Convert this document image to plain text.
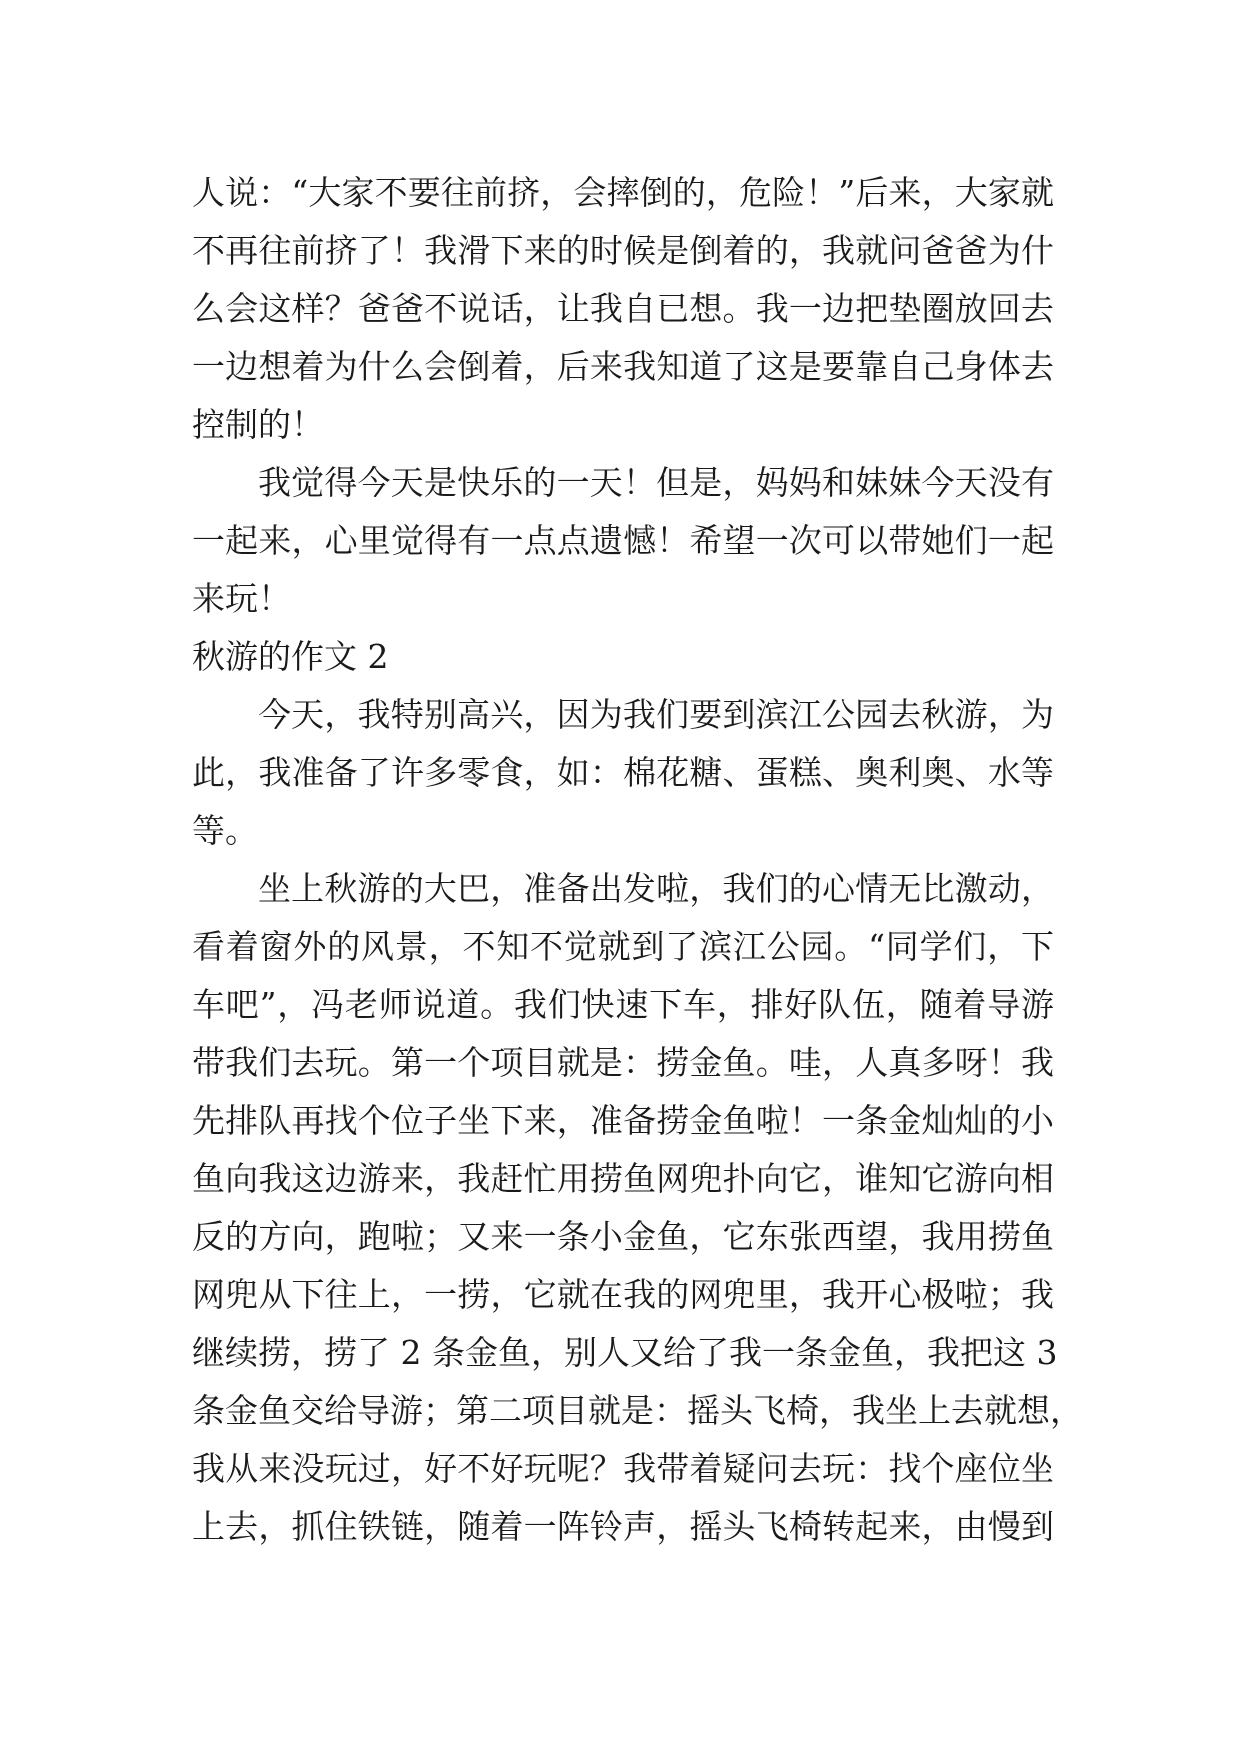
人说：“大家不要往前挤，会摔倒的，危险！”后来，大家就
不再往前挤了！我滑下来的时候是倒着的，我就问爸爸为什
么会这样？爸爸不说话，让我自已想。我一边把垫圈放回去
一边想着为什么会倒着，后来我知道了这是要靠自己身体去
控制的！
我觉得今天是快乐的一天！但是，妈妈和妹妹今天没有
一起来，心里觉得有一点点遗憾！希望一次可以带她们一起
来玩！
秋游的作文 2
今天，我特别高兴，因为我们要到滨江公园去秋游，为
此，我准备了许多零食，如：棉花糖、蛋糕、奥利奥、水等
等。
坐上秋游的大巴，准备出发啦，我们的心情无比激动，
看着窗外的风景，不知不觉就到了滨江公园。“同学们，下
车吧”，冯老师说道。我们快速下车，排好队伍，随着导游
带我们去玩。第一个项目就是：捞金鱼。哇，人真多呀！我
先排队再找个位子坐下来，准备捞金鱼啦！一条金灿灿的小
鱼向我这边游来，我赶忙用捞鱼网兜扑向它，谁知它游向相
反的方向，跑啦；又来一条小金鱼，它东张西望，我用捞鱼
网兜从下往上，一捞，它就在我的网兜里，我开心极啦；我
继续捞，捞了 2 条金鱼，别人又给了我一条金鱼，我把这 3
条金鱼交给导游；第二项目就是：摇头飞椅，我坐上去就想，
我从来没玩过，好不好玩呢？我带着疑问去玩：找个座位坐
上去，抓住铁链，随着一阵铃声，摇头飞椅转起来，由慢到
